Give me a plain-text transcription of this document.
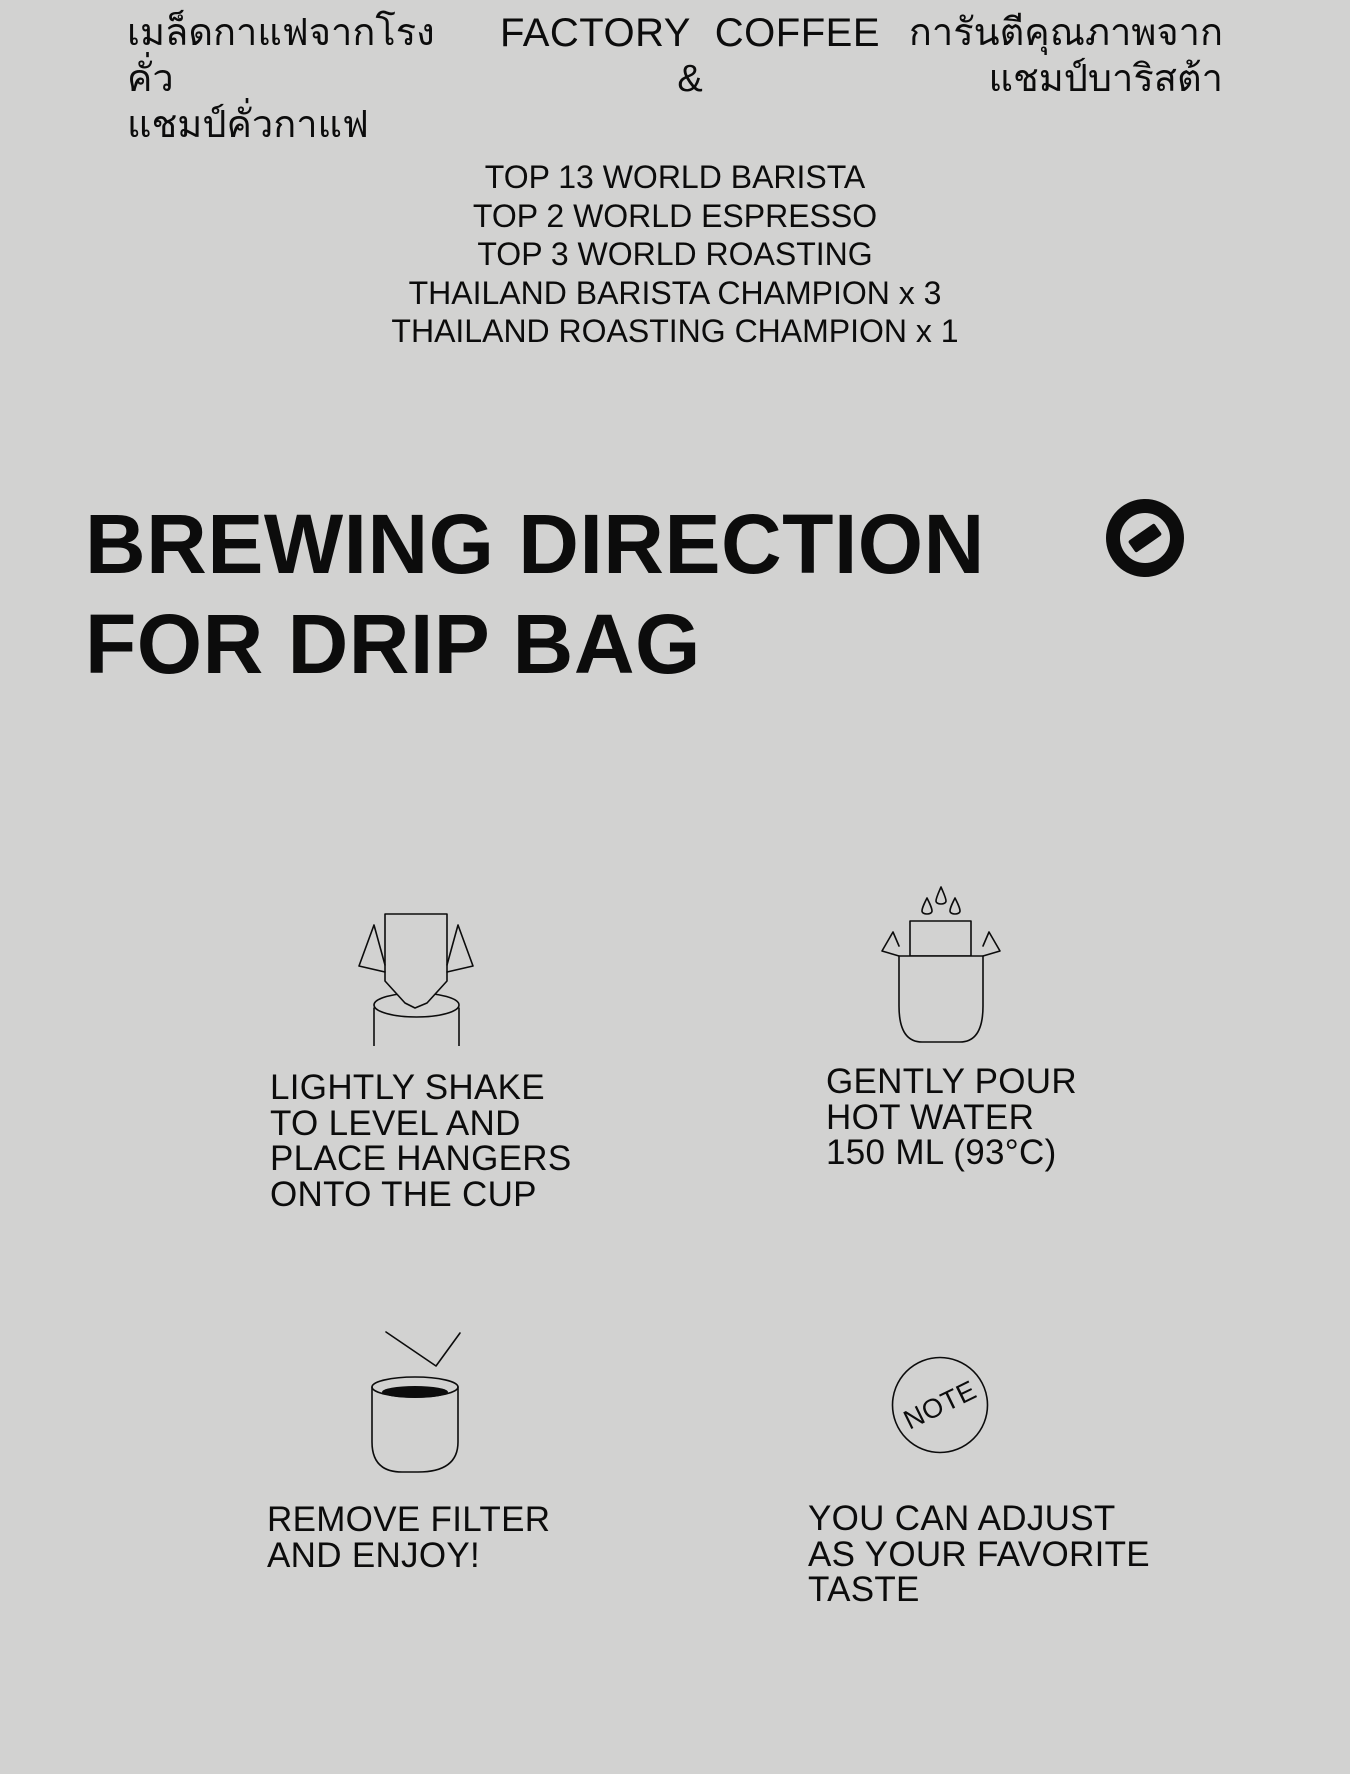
เมล็ดกาแฟจากโรงคั่ว
แชมป์คั่วกาแฟ
FACTORY COFFEE
&
การันตีคุณภาพจาก
แชมป์บาริสต้า
TOP 13 WORLD BARISTA
TOP 2 WORLD ESPRESSO
TOP 3 WORLD ROASTING
THAILAND BARISTA CHAMPION x 3
THAILAND ROASTING CHAMPION x 1
BREWING DIRECTION
FOR DRIP BAG
LIGHTLY SHAKE
TO LEVEL AND
PLACE HANGERS
ONTO THE CUP
GENTLY POUR
HOT WATER
150 ML (93°C)
REMOVE FILTER
AND ENJOY!
NOTE
YOU CAN ADJUST
AS YOUR FAVORITE
TASTE
